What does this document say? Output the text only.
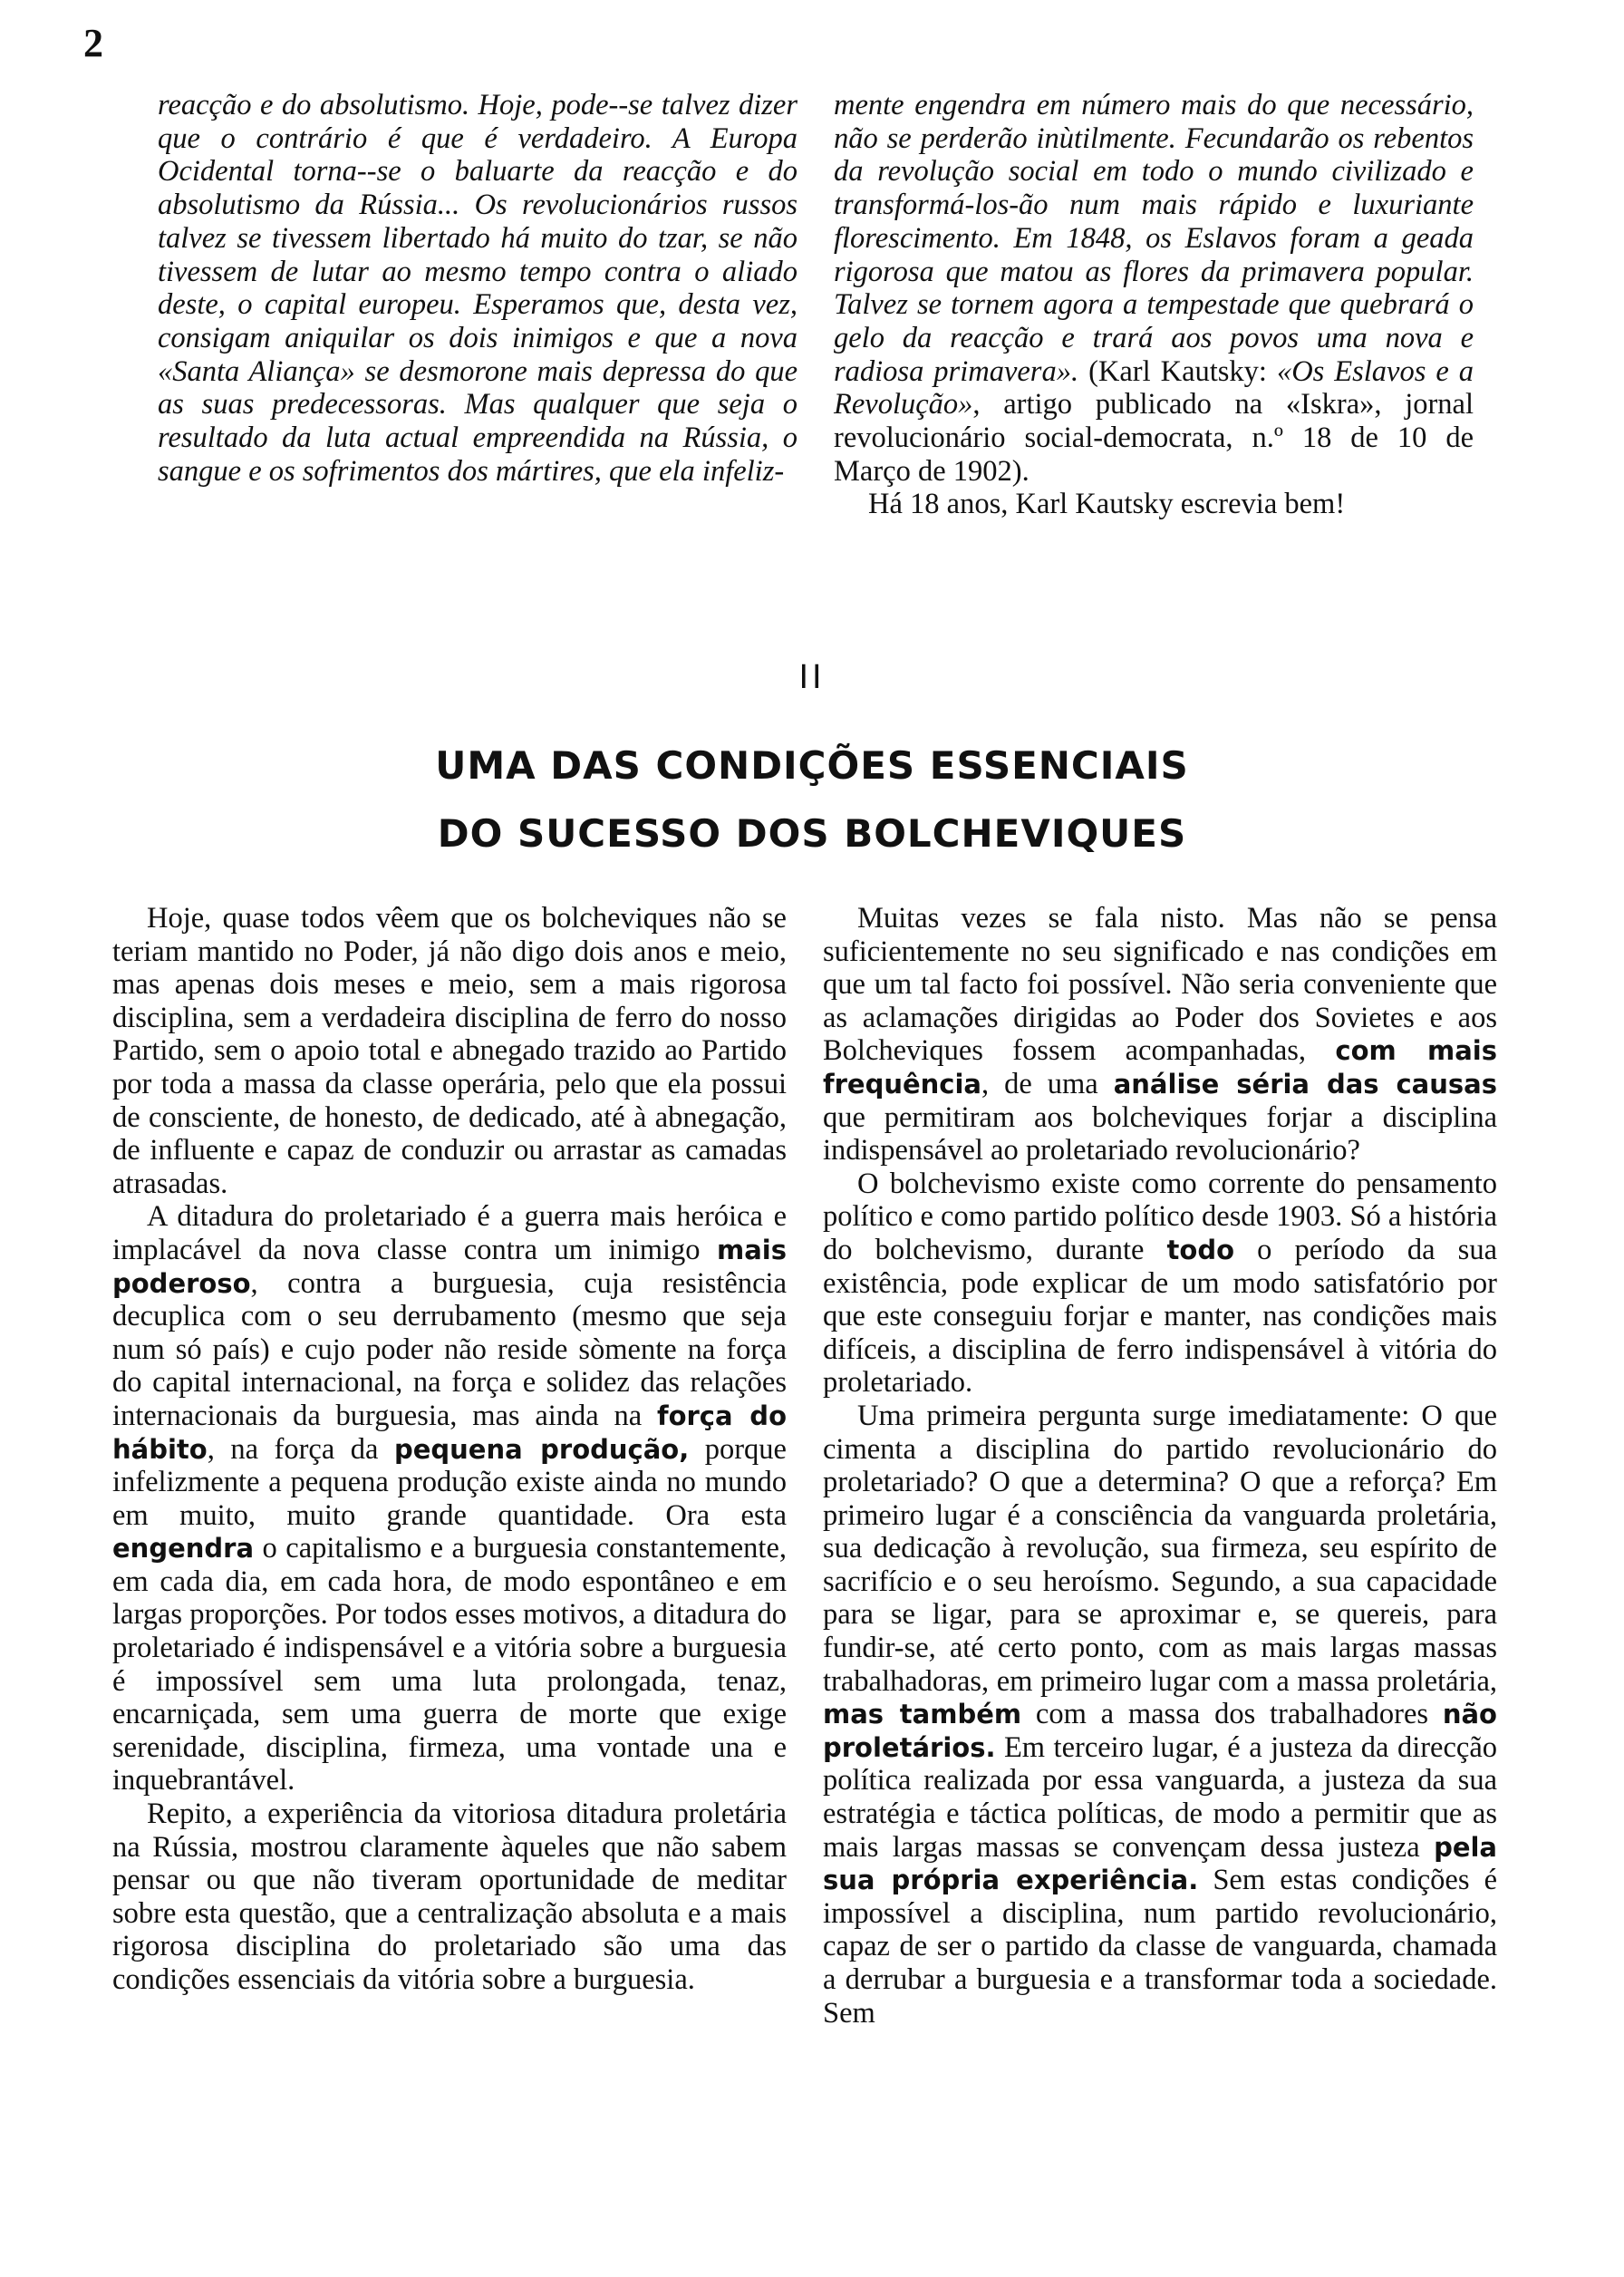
2

reacção e do absolutismo. Hoje, pode--se talvez dizer que o contrário é que é verdadeiro. A Europa Ocidental torna--se o baluarte da reacção e do absolutismo da Rússia... Os revolucionários russos talvez se tivessem libertado há muito do tzar, se não tivessem de lutar ao mesmo tempo contra o aliado deste, o capital europeu. Esperamos que, desta vez, consigam aniquilar os dois inimigos e que a nova «Santa Aliança» se desmorone mais depressa do que as suas predecessoras. Mas qualquer que seja o resultado da luta actual empreendida na Rússia, o sangue e os sofrimentos dos mártires, que ela infeliz-

mente engendra em número mais do que necessário, não se perderão inùtilmente. Fecundarão os rebentos da revolução social em todo o mundo civilizado e transformá-los-ão num mais rápido e luxuriante florescimento. Em 1848, os Eslavos foram a geada rigorosa que matou as flores da primavera popular. Talvez se tornem agora a tempestade que quebrará o gelo da reacção e trará aos povos uma nova e radiosa primavera». (Karl Kautsky: «Os Eslavos e a Revolução», artigo publicado na «Iskra», jornal revolucionário social-democrata, n.º 18 de 10 de Março de 1902).

Há 18 anos, Karl Kautsky escrevia bem!

II
UMA DAS CONDIÇÕES ESSENCIAIS
DO SUCESSO DOS BOLCHEVIQUES

Hoje, quase todos vêem que os bolcheviques não se teriam mantido no Poder, já não digo dois anos e meio, mas apenas dois meses e meio, sem a mais rigorosa disciplina, sem a verdadeira disciplina de ferro do nosso Partido, sem o apoio total e abnegado trazido ao Partido por toda a massa da classe operária, pelo que ela possui de consciente, de honesto, de dedicado, até à abnegação, de influente e capaz de conduzir ou arrastar as camadas atrasadas.

A ditadura do proletariado é a guerra mais heróica e implacável da nova classe contra um inimigo mais poderoso, contra a burguesia, cuja resistência decuplica com o seu derrubamento (mesmo que seja num só país) e cujo poder não reside sòmente na força do capital internacional, na força e solidez das relações internacionais da burguesia, mas ainda na força do hábito, na força da pequena produção, porque infelizmente a pequena produção existe ainda no mundo em muito, muito grande quantidade. Ora esta engendra o capitalismo e a burguesia constantemente, em cada dia, em cada hora, de modo espontâneo e em largas proporções. Por todos esses motivos, a ditadura do proletariado é indispensável e a vitória sobre a burguesia é impossível sem uma luta prolongada, tenaz, encarniçada, sem uma guerra de morte que exige serenidade, disciplina, firmeza, uma vontade una e inquebrantável.

Repito, a experiência da vitoriosa ditadura proletária na Rússia, mostrou claramente àqueles que não sabem pensar ou que não tiveram oportunidade de meditar sobre esta questão, que a centralização absoluta e a mais rigorosa disciplina do proletariado são uma das condições essenciais da vitória sobre a burguesia.

Muitas vezes se fala nisto. Mas não se pensa suficientemente no seu significado e nas condições em que um tal facto foi possível. Não seria conveniente que as aclamações dirigidas ao Poder dos Sovietes e aos Bolcheviques fossem acompanhadas, com mais frequência, de uma análise séria das causas que permitiram aos bolcheviques forjar a disciplina indispensável ao proletariado revolucionário?

O bolchevismo existe como corrente do pensamento político e como partido político desde 1903. Só a história do bolchevismo, durante todo o período da sua existência, pode explicar de um modo satisfatório por que este conseguiu forjar e manter, nas condições mais difíceis, a disciplina de ferro indispensável à vitória do proletariado.

Uma primeira pergunta surge imediatamente: O que cimenta a disciplina do partido revolucionário do proletariado? O que a determina? O que a reforça? Em primeiro lugar é a consciência da vanguarda proletária, sua dedicação à revolução, sua firmeza, seu espírito de sacrifício e o seu heroísmo. Segundo, a sua capacidade para se ligar, para se aproximar e, se quereis, para fundir-se, até certo ponto, com as mais largas massas trabalhadoras, em primeiro lugar com a massa proletária, mas também com a massa dos trabalhadores não proletários. Em terceiro lugar, é a justeza da direcção política realizada por essa vanguarda, a justeza da sua estratégia e táctica políticas, de modo a permitir que as mais largas massas se convençam dessa justeza pela sua própria experiência. Sem estas condições é impossível a disciplina, num partido revolucionário, capaz de ser o partido da classe de vanguarda, chamada a derrubar a burguesia e a transformar toda a sociedade. Sem
